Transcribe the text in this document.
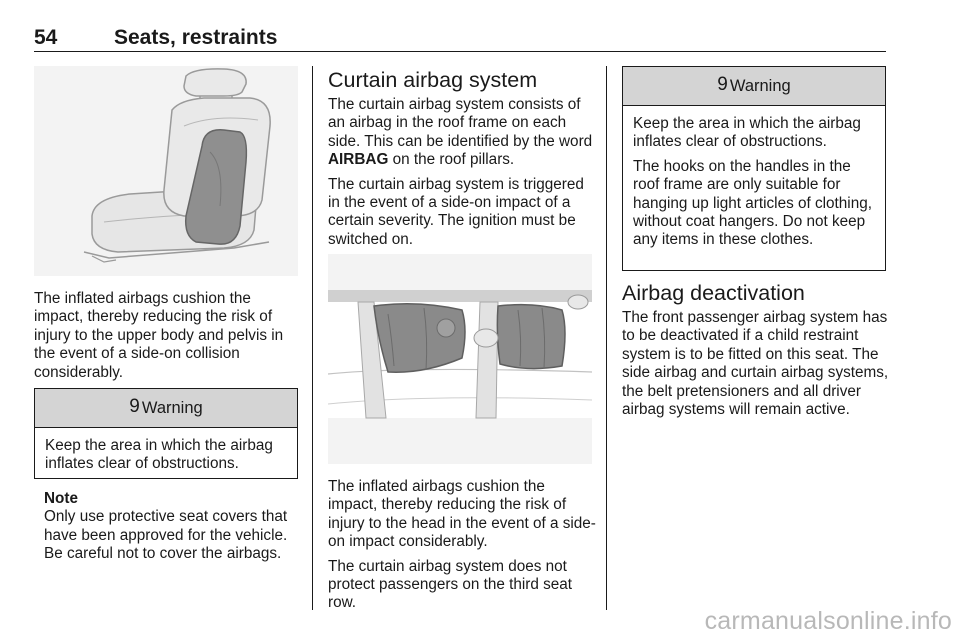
54	Seats, restraints

The inflated airbags cushion the impact, thereby reducing the risk of injury to the upper body and pelvis in the event of a side-on collision considerably.

9 Warning

Keep the area in which the airbag inflates clear of obstructions.

Note
Only use protective seat covers that have been approved for the vehicle. Be careful not to cover the airbags.
Curtain airbag system

The curtain airbag system consists of an airbag in the roof frame on each side. This can be identified by the word AIRBAG on the roof pillars.

The curtain airbag system is triggered in the event of a side-on impact of a certain severity. The ignition must be switched on.

The inflated airbags cushion the impact, thereby reducing the risk of injury to the head in the event of a side-on impact considerably.

The curtain airbag system does not protect passengers on the third seat row.

9 Warning

Keep the area in which the airbag inflates clear of obstructions.

The hooks on the handles in the roof frame are only suitable for hanging up light articles of clothing, without coat hangers. Do not keep any items in these clothes.

Airbag deactivation

The front passenger airbag system has to be deactivated if a child restraint system is to be fitted on this seat. The side airbag and curtain airbag systems, the belt pretensioners and all driver airbag systems will remain active.

carmanualsonline.info
